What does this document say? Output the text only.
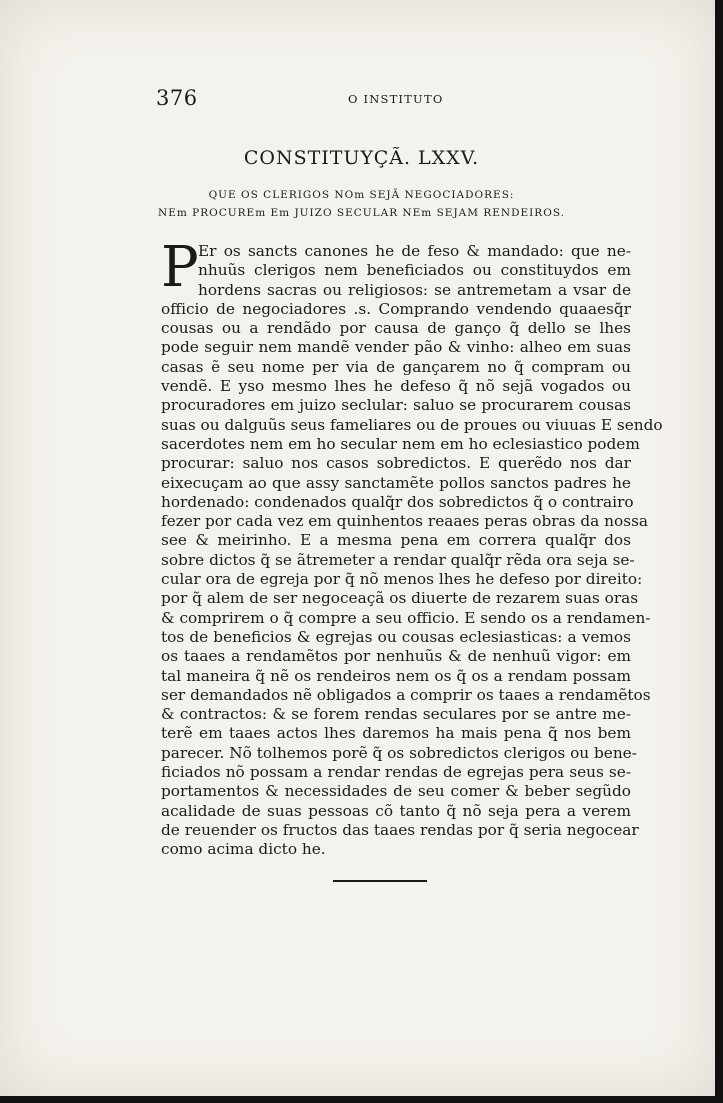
376	O INSTITUTO
CONSTITUYÇÃ. LXXV.

QUE OS CLERIGOS NOm SEJÃ NEGOCIADORES:

NEm PROCUREm Em JUIZO SECULAR NEm SEJAM RENDEIROS.

P Er os sancts canones he de feso & mandado: que ne-
nhuũs clerigos nem beneficiados ou constituydos em
hordens sacras ou religiosos: se antremetam a vsar de
officio de negociadores .s. Comprando vendendo quaaesq̃r
cousas ou a rendãdo por causa de ganço q̃ dello se lhes
pode seguir nem mandẽ vender pão & vinho: alheo em suas
casas ẽ seu nome per via de gançarem no q̃ compram ou
vendẽ. E yso mesmo lhes he defeso q̃ nõ sejã vogados ou
procuradores em juizo seclular: saluo se procurarem cousas
suas ou dalguũs seus fameliares ou de proues ou viuuas E sendo
sacerdotes nem em ho secular nem em ho eclesiastico podem
procurar: saluo nos casos sobredictos. E querẽdo nos dar
eixecuçam ao que assy sanctamẽte pollos sanctos padres he
hordenado: condenados qualq̃r dos sobredictos q̃ o contrairo
fezer por cada vez em quinhentos reaaes peras obras da nossa
see & meirinho. E a mesma pena em correra qualq̃r dos
sobre dictos q̃ se ãtremeter a rendar qualq̃r rẽda ora seja se-
cular ora de egreja por q̃ nõ menos lhes he defeso por direito:
por q̃ alem de ser negoceaçã os diuerte de rezarem suas oras
& comprirem o q̃ compre a seu officio. E sendo os a rendamen-
tos de beneficios & egrejas ou cousas eclesiasticas: a vemos
os taaes a rendamẽtos por nenhuũs & de nenhuũ vigor: em
tal maneira q̃ nẽ os rendeiros nem os q̃ os a rendam possam
ser demandados nẽ obligados a comprir os taaes a rendamẽtos
& contractos: & se forem rendas seculares por se antre me-
terẽ em taaes actos lhes daremos ha mais pena q̃ nos bem
parecer. Nõ tolhemos porẽ q̃ os sobredictos clerigos ou bene-
ficiados nõ possam a rendar rendas de egrejas pera seus se-
portamentos & necessidades de seu comer & beber segũdo
acalidade de suas pessoas cõ tanto q̃ nõ seja pera a verem
de reuender os fructos das taaes rendas por q̃ seria negocear
como acima dicto he.
